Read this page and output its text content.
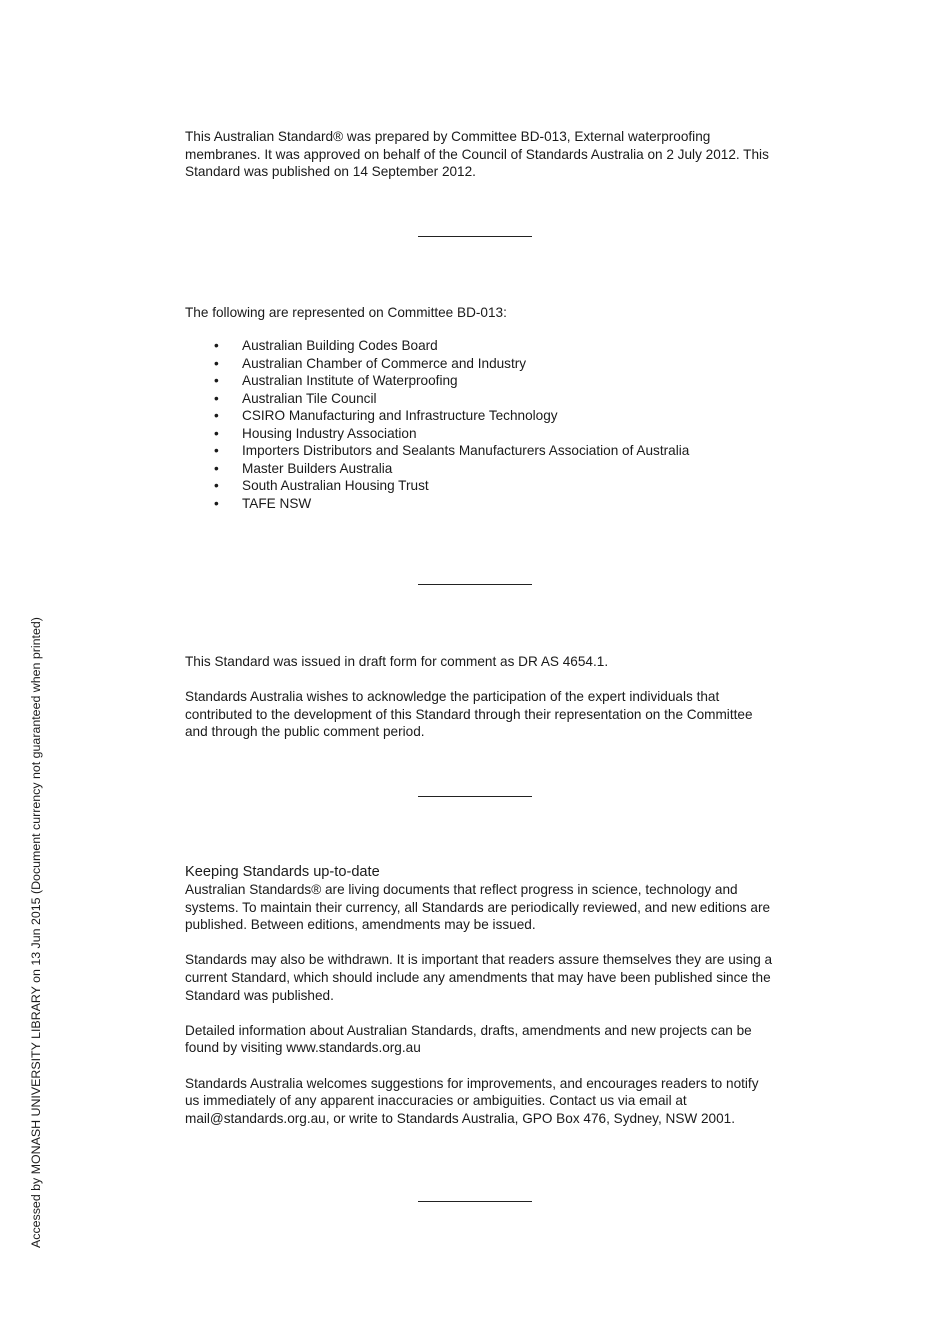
This Australian Standard® was prepared by Committee BD-013, External waterproofing membranes. It was approved on behalf of the Council of Standards Australia on 2 July 2012. This Standard was published on 14 September 2012.

The following are represented on Committee BD-013:

• Australian Building Codes Board
• Australian Chamber of Commerce and Industry
• Australian Institute of Waterproofing
• Australian Tile Council
• CSIRO Manufacturing and Infrastructure Technology
• Housing Industry Association
• Importers Distributors and Sealants Manufacturers Association of Australia
• Master Builders Australia
• South Australian Housing Trust
• TAFE NSW

This Standard was issued in draft form for comment as DR AS 4654.1.

Standards Australia wishes to acknowledge the participation of the expert individuals that contributed to the development of this Standard through their representation on the Committee and through the public comment period.

Keeping Standards up-to-date

Australian Standards® are living documents that reflect progress in science, technology and systems. To maintain their currency, all Standards are periodically reviewed, and new editions are published. Between editions, amendments may be issued.

Standards may also be withdrawn. It is important that readers assure themselves they are using a current Standard, which should include any amendments that may have been published since the Standard was published.

Detailed information about Australian Standards, drafts, amendments and new projects can be found by visiting www.standards.org.au

Standards Australia welcomes suggestions for improvements, and encourages readers to notify us immediately of any apparent inaccuracies or ambiguities. Contact us via email at mail@standards.org.au, or write to Standards Australia, GPO Box 476, Sydney, NSW 2001.

Accessed by MONASH UNIVERSITY LIBRARY on 13 Jun 2015 (Document currency not guaranteed when printed)
